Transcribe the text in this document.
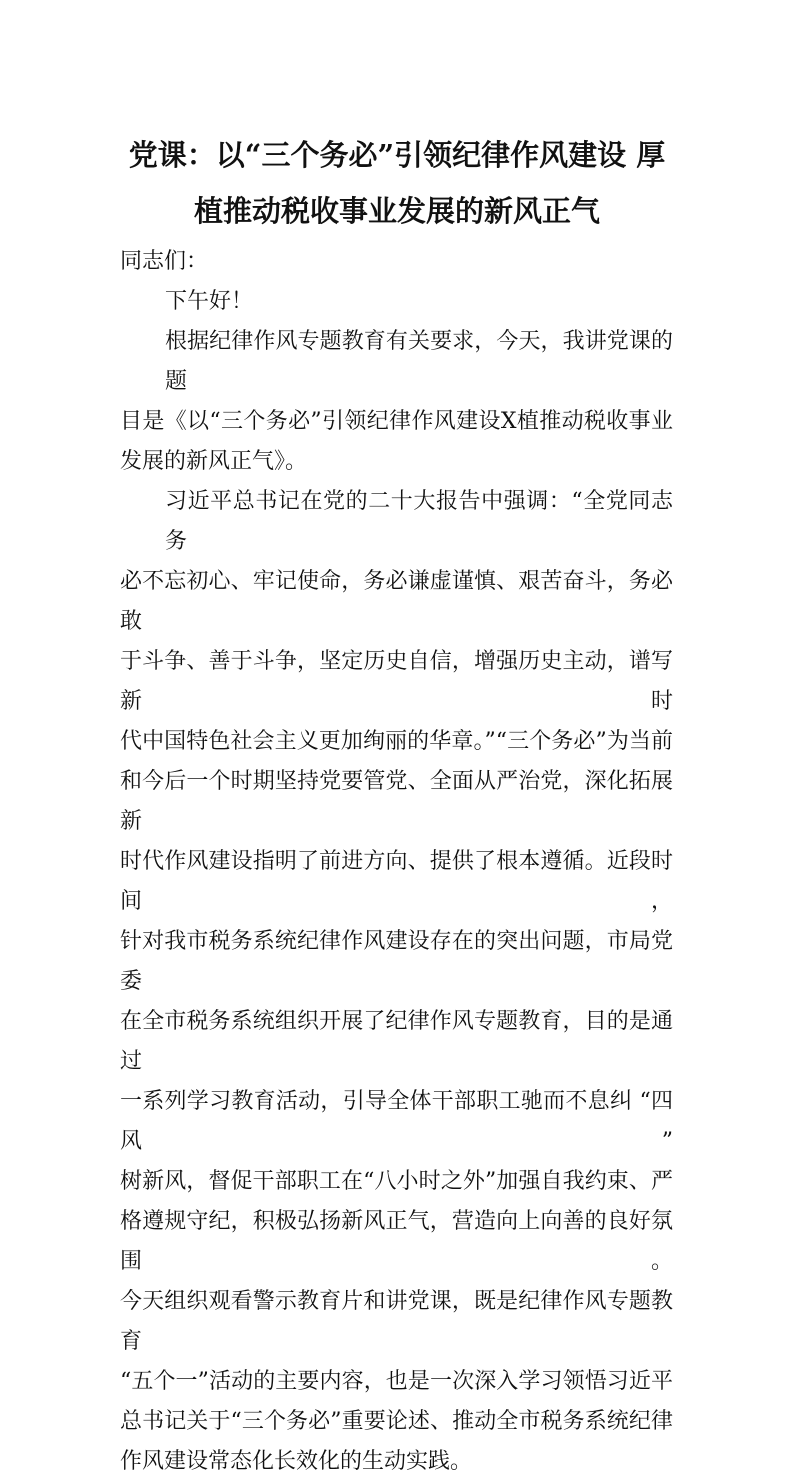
党课：以“三个务必”引领纪律作风建设 厚
植推动税收事业发展的新风正气
同志们：
下午好！
根据纪律作风专题教育有关要求，今天，我讲党课的题
目是《以“三个务必”引领纪律作风建设X植推动税收事业
发展的新风正气》。
习近平总书记在党的二十大报告中强调：“全党同志务
必不忘初心、牢记使命，务必谦虚谨慎、艰苦奋斗，务必敢
于斗争、善于斗争，坚定历史自信，增强历史主动，谱写新时
代中国特色社会主义更加绚丽的华章。”“三个务必”为当前
和今后一个时期坚持党要管党、全面从严治党，深化拓展新
时代作风建设指明了前进方向、提供了根本遵循。近段时间，
针对我市税务系统纪律作风建设存在的突出问题，市局党委
在全市税务系统组织开展了纪律作风专题教育，目的是通过
一系列学习教育活动，引导全体干部职工驰而不息纠 “四风”
树新风，督促干部职工在“八小时之外”加强自我约束、严
格遵规守纪，积极弘扬新风正气，营造向上向善的良好氛围。
今天组织观看警示教育片和讲党课，既是纪律作风专题教育
“五个一”活动的主要内容，也是一次深入学习领悟习近平
总书记关于“三个务必”重要论述、推动全市税务系统纪律
作风建设常态化长效化的生动实践。
